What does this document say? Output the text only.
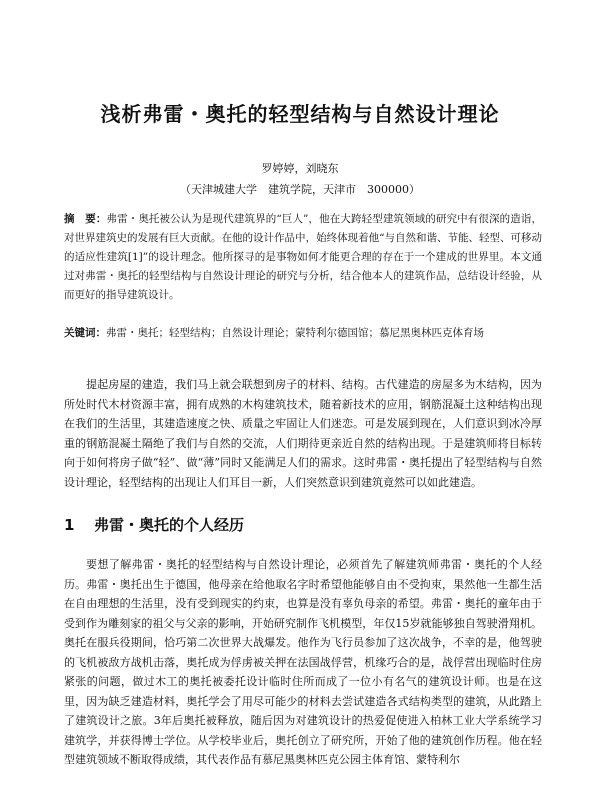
浅析弗雷・奥托的轻型结构与自然设计理论

罗婷婷，刘晓东

（天津城建大学　建筑学院，天津市　300000）

摘　要：弗雷・奥托被公认为是现代建筑界的“巨人”，他在大跨轻型建筑领域的研究中有很深的造诣，对世界建筑史的发展有巨大贡献。在他的设计作品中，始终体现着他“与自然和谐、节能、轻型、可移动的适应性建筑[1]”的设计理念。他所探寻的是事物如何才能更合理的存在于一个建成的世界里。本文通过对弗雷・奥托的轻型结构与自然设计理论的研究与分析，结合他本人的建筑作品，总结设计经验，从而更好的指导建筑设计。

关键词：弗雷・奥托；轻型结构；自然设计理论；蒙特利尔德国馆；慕尼黑奥林匹克体育场

提起房屋的建造，我们马上就会联想到房子的材料、结构。古代建造的房屋多为木结构，因为所处时代木材资源丰富，拥有成熟的木构建筑技术，随着新技术的应用，钢筋混凝土这种结构出现在我们的生活里，其建造速度之快、质量之牢固让人们迷恋。可是发展到现在，人们意识到冰冷厚重的钢筋混凝土隔绝了我们与自然的交流，人们期待更亲近自然的结构出现。于是建筑师将目标转向于如何将房子做“轻”、做“薄”同时又能满足人们的需求。这时弗雷・奥托提出了轻型结构与自然设计理论，轻型结构的出现让人们耳目一新，人们突然意识到建筑竟然可以如此建造。

1 弗雷・奥托的个人经历

要想了解弗雷・奥托的轻型结构与自然设计理论，必须首先了解建筑师弗雷・奥托的个人经历。弗雷・奥托出生于德国，他母亲在给他取名字时希望他能够自由不受拘束，果然他一生都生活在自由理想的生活里，没有受到现实的约束，也算是没有辜负母亲的希望。弗雷・奥托的童年由于受到作为雕刻家的祖父与父亲的影响，开始研究制作飞机模型，年仅15岁就能够独自驾驶滑翔机。奥托在服兵役期间，恰巧第二次世界大战爆发。他作为飞行员参加了这次战争，不幸的是，他驾驶的飞机被敌方战机击落，奥托成为俘虏被关押在法国战俘营，机缘巧合的是，战俘营出现临时住房紧张的问题，做过木工的奥托被委托设计临时住所而成了一位小有名气的建筑设计师。也是在这里，因为缺乏建造材料，奥托学会了用尽可能少的材料去尝试建造各式结构类型的建筑，从此踏上了建筑设计之旅。3年后奥托被释放，随后因为对建筑设计的热爱促使进入柏林工业大学系统学习建筑学，并获得博士学位。从学校毕业后，奥托创立了研究所，开始了他的建筑创作历程。他在轻型建筑领域不断取得成绩，其代表作品有慕尼黑奥林匹克公园主体育馆、蒙特利尔
